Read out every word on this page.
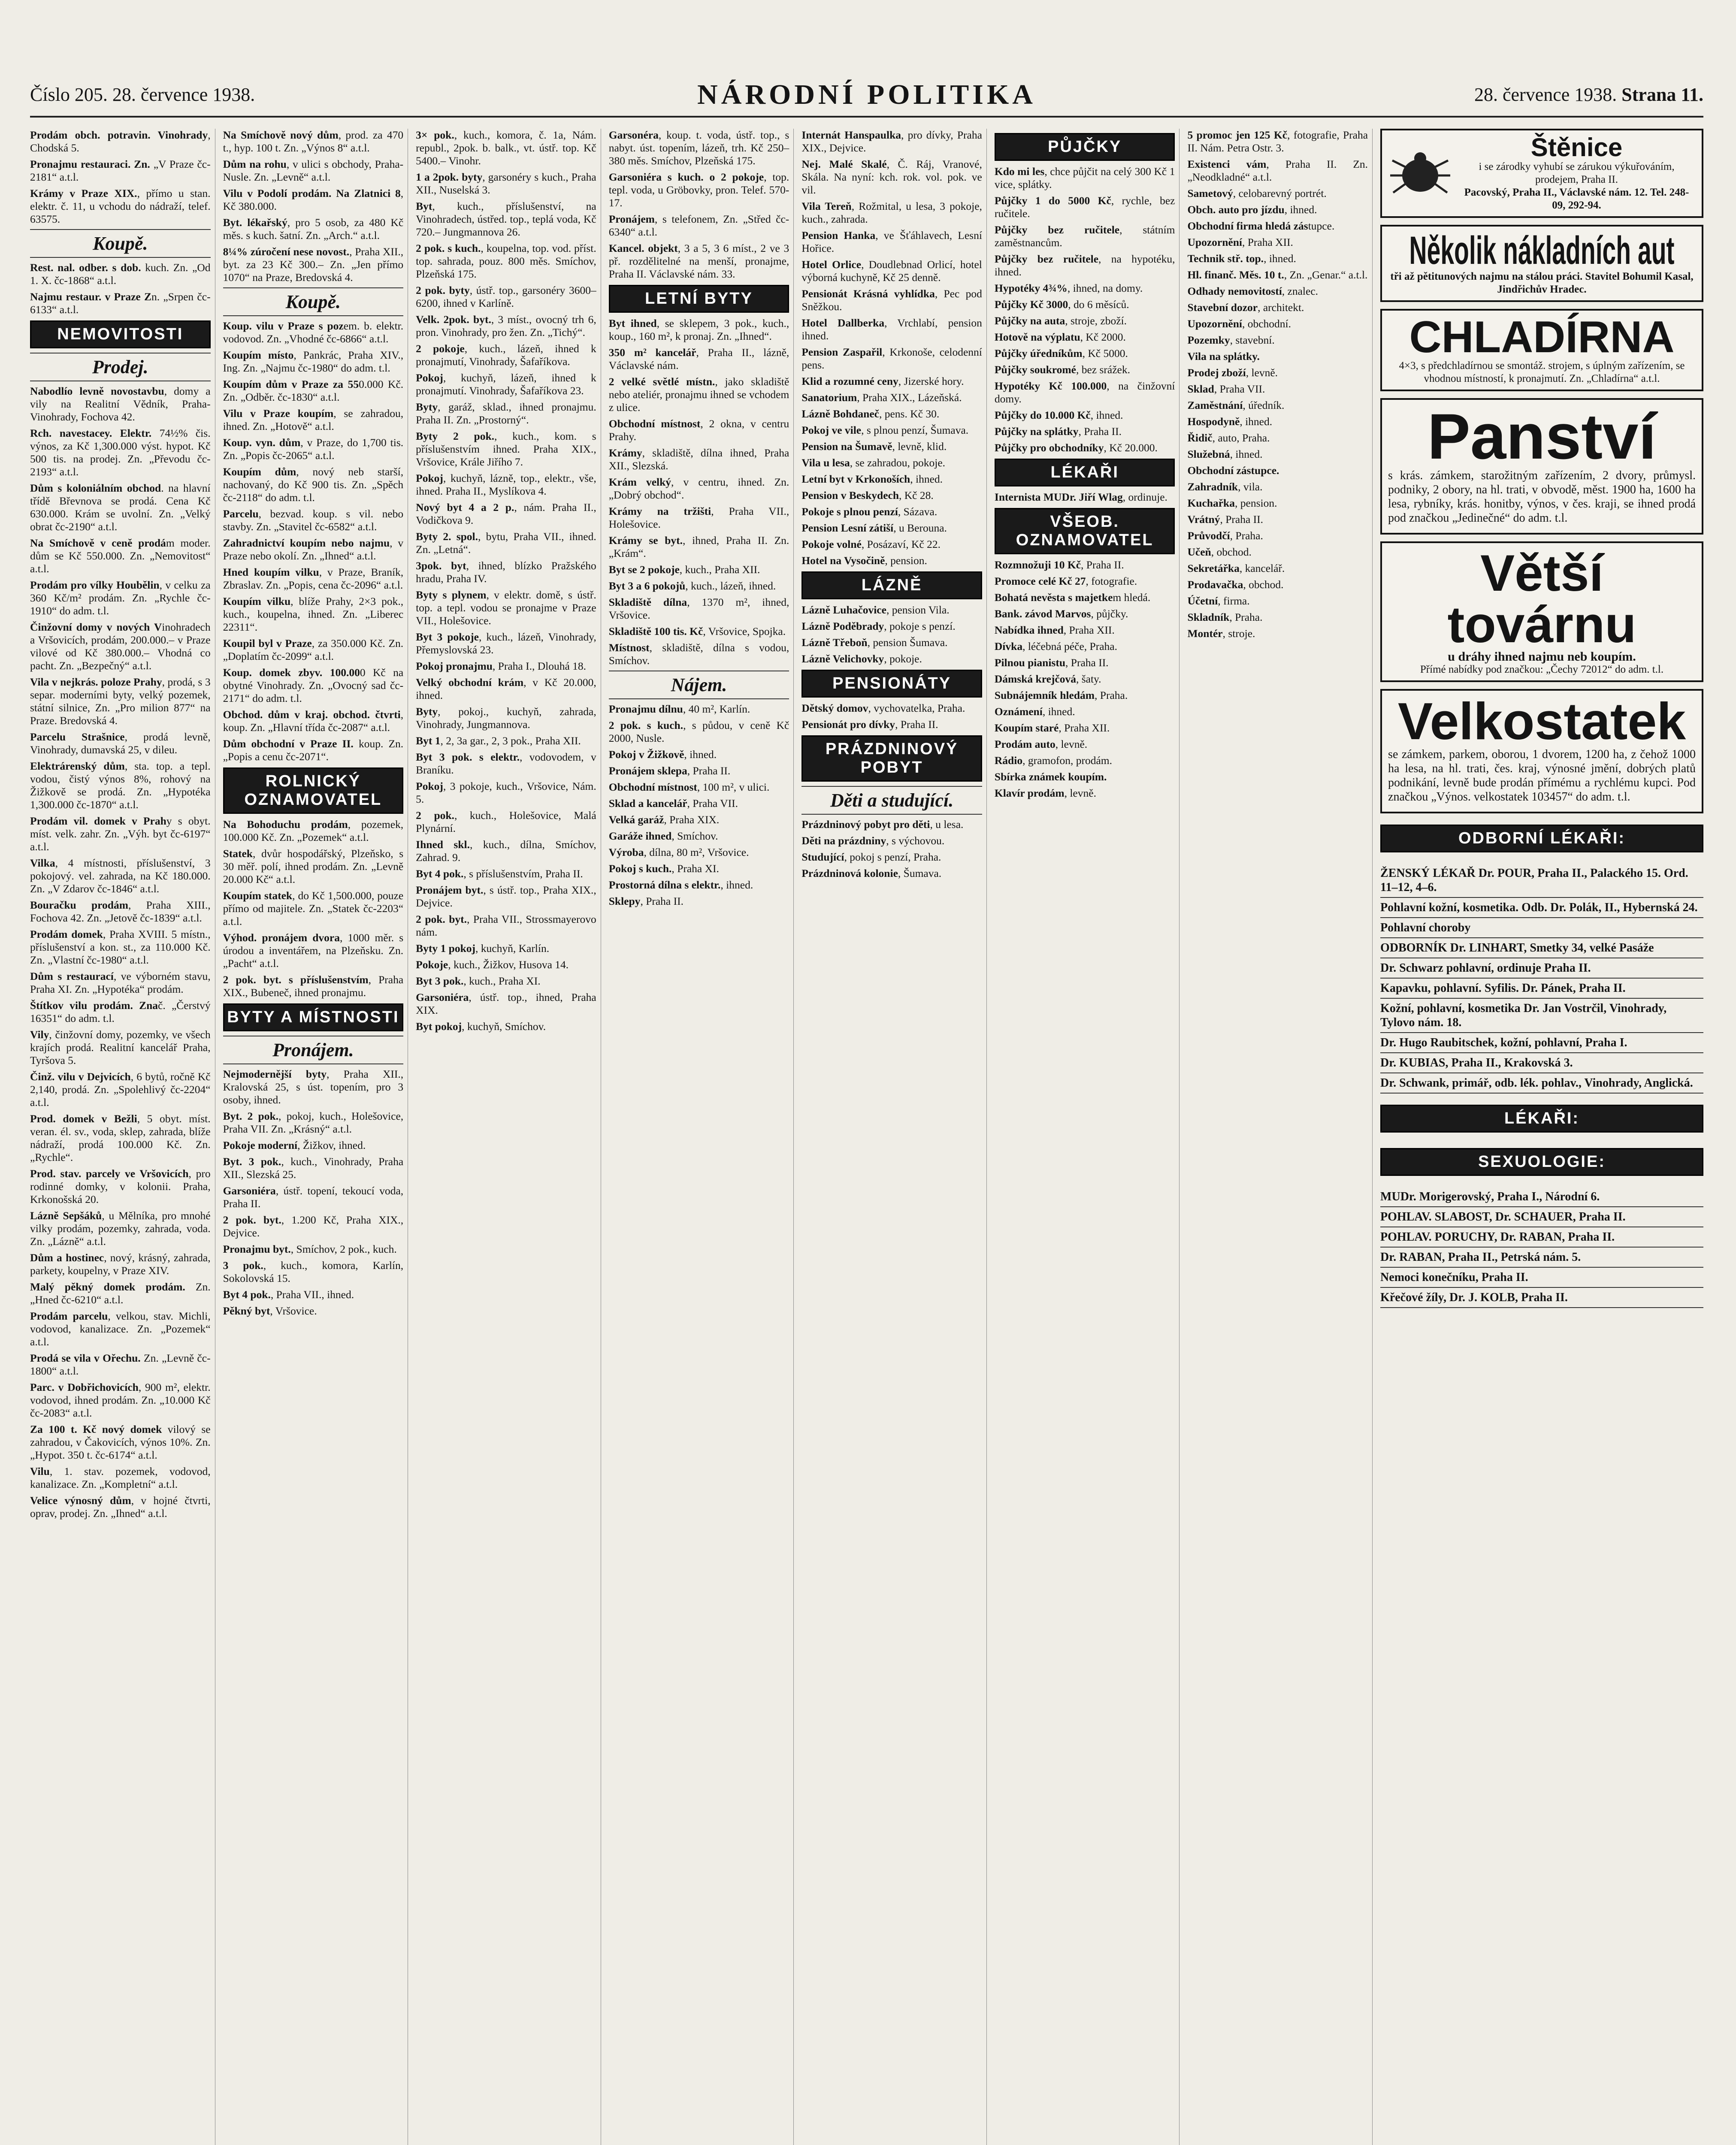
Číslo 205. 28. července 1938.	NÁRODNÍ POLITIKA	28. července 1938. Strana 11.

Prodám obch. potravin. Vinohrady, Chodská 5.

Pronajmu restauraci. Zn. „V Praze čc-2181“ a.t.l.

Krámy v Praze XIX., přímo u stan. elektr. č. 11, u vchodu do nádraží, telef. 63575.

Koupě.

Rest. nal. odber. s dob. kuch. Zn. „Od 1. X. čc-1868“ a.t.l.

Najmu restaur. v Praze Zn. „Srpen čc-6133“ a.t.l.

NEMOVITOSTI
Prodej.

Nabodlío levně novostavbu, domy a vily na Realitní Vědník, Praha-Vinohrady, Fochova 42.

Rch. navestacey. Elektr. 74½% čis. výnos, za Kč 1,300.000 výst. hypot. Kč 500 tis. na prodej. Zn. „Převodu čc-2193“ a.t.l.

Dům s koloniálním obchod. na hlavní třídě Břevnova se prodá. Cena Kč 630.000. Krám se uvolní. Zn. „Velký obrat čc-2190“ a.t.l.

Na Smíchově v ceně prodám moder. dům se Kč 550.000. Zn. „Nemovitost“ a.t.l.

Prodám pro vílky Houbělin, v celku za 360 Kč/m² prodám. Zn. „Rychle čc-1910“ do adm. t.l.

Činžovní domy v nových Vinohradech a Vršovicích, prodám, 200.000.– v Praze vilové od Kč 380.000.– Vhodná co pacht. Zn. „Bezpečný“ a.t.l.

Vila v nejkrás. poloze Prahy, prodá, s 3 separ. moderními byty, velký pozemek, státní silnice, Zn. „Pro milion 877“ na Praze. Bredovská 4.

Parcelu Strašnice, prodá levně, Vinohrady, dumavská 25, v dileu.

Elektrárenský dům, sta. top. a tepl. vodou, čistý výnos 8%, rohový na Žižkově se prodá. Zn. „Hypotéka 1,300.000 čc-1870“ a.t.l.

Prodám vil. domek v Prahy s obyt. míst. velk. zahr. Zn. „Výh. byt čc-6197“ a.t.l.

Vilka, 4 místnosti, příslušenství, 3 pokojový. vel. zahrada, na Kč 180.000. Zn. „V Zdarov čc-1846“ a.t.l.

Bouračku prodám, Praha XIII., Fochova 42. Zn. „Jetově čc-1839“ a.t.l.

Prodám domek, Praha XVIII. 5 místn., příslušenství a kon. st., za 110.000 Kč. Zn. „Vlastní čc-1980“ a.t.l.

Dům s restaurací, ve výborném stavu, Praha XI. Zn. „Hypotéka“ prodám.

Štítkov vilu prodám. Znač. „Čerstvý 16351“ do adm. t.l.

Vily, činžovní domy, pozemky, ve všech krajích prodá. Realitní kancelář Praha, Tyršova 5.

Činž. vilu v Dejvicích, 6 bytů, ročně Kč 2,140, prodá. Zn. „Spolehlivý čc-2204“ a.t.l.

Prod. domek v Bežli, 5 obyt. míst. veran. él. sv., voda, sklep, zahrada, blíže nádraží, prodá 100.000 Kč. Zn. „Rychle“.

Prod. stav. parcely ve Vršovicích, pro rodinné domky, v kolonii. Praha, Krkonošská 20.

Lázně Sepšáků, u Mělníka, pro mnohé vilky prodám, pozemky, zahrada, voda. Zn. „Lázně“ a.t.l.

Dům a hostinec, nový, krásný, zahrada, parkety, koupelny, v Praze XIV.

Malý pěkný domek prodám. Zn. „Hned čc-6210“ a.t.l.

Prodám parcelu, velkou, stav. Michli, vodovod, kanalizace. Zn. „Pozemek“ a.t.l.

Prodá se vila v Ořechu. Zn. „Levně čc-1800“ a.t.l.

Parc. v Dobřichovicích, 900 m², elektr. vodovod, ihned prodám. Zn. „10.000 Kč čc-2083“ a.t.l.

Za 100 t. Kč nový domek vilový se zahradou, v Čakovicích, výnos 10%. Zn. „Hypot. 350 t. čc-6174“ a.t.l.

Vilu, 1. stav. pozemek, vodovod, kanalizace. Zn. „Kompletní“ a.t.l.

Velice výnosný dům, v hojné čtvrti, oprav, prodej. Zn. „Ihned“ a.t.l.

Na Smíchově nový dům, prod. za 470 t., hyp. 100 t. Zn. „Výnos 8“ a.t.l.

Dům na rohu, v ulici s obchody, Praha-Nusle. Zn. „Levně“ a.t.l.

Vilu v Podolí prodám. Na Zlatnici 8, Kč 380.000.

Byt. lékařský, pro 5 osob, za 480 Kč měs. s kuch. šatní. Zn. „Arch.“ a.t.l.

8¼% zúročení nese novost., Praha XII., byt. za 23 Kč 300.– Zn. „Jen přímo 1070“ na Praze, Bredovská 4.

Koupě.

Koup. vilu v Praze s pozem. b. elektr. vodovod. Zn. „Vhodné čc-6866“ a.t.l.

Koupím místo, Pankrác, Praha XIV., Ing. Zn. „Najmu čc-1980“ do adm. t.l.

Koupím dům v Praze za 550.000 Kč. Zn. „Odběr. čc-1830“ a.t.l.

Vilu v Praze koupím, se zahradou, ihned. Zn. „Hotově“ a.t.l.

Koup. vyn. dům, v Praze, do 1,700 tis. Zn. „Popis čc-2065“ a.t.l.

Koupím dům, nový neb starší, nachovaný, do Kč 900 tis. Zn. „Spěch čc-2118“ do adm. t.l.

Parcelu, bezvad. koup. s vil. nebo stavby. Zn. „Stavitel čc-6582“ a.t.l.

Zahradnictví koupím nebo najmu, v Praze nebo okolí. Zn. „Ihned“ a.t.l.

Hned koupím vilku, v Praze, Braník, Zbraslav. Zn. „Popis, cena čc-2096“ a.t.l.

Koupím vilku, blíže Prahy, 2×3 pok., kuch., koupelna, ihned. Zn. „Liberec 22311“.

Koupil byl v Praze, za 350.000 Kč. Zn. „Doplatím čc-2099“ a.t.l.

Koup. domek zbyv. 100.000 Kč na obytné Vinohrady. Zn. „Ovocný sad čc-2171“ do adm. t.l.

Obchod. dům v kraj. obchod. čtvrti, koup. Zn. „Hlavní třída čc-2087“ a.t.l.

Dům obchodní v Praze II. koup. Zn. „Popis a cenu čc-2071“.

ROLNICKÝ OZNAMOVATEL

Na Bohoduchu prodám, pozemek, 100.000 Kč. Zn. „Pozemek“ a.t.l.

Statek, dvůr hospodářský, Plzeňsko, s 30 měř. polí, ihned prodám. Zn. „Levně 20.000 Kč“ a.t.l.

Koupím statek, do Kč 1,500.000, pouze přímo od majitele. Zn. „Statek čc-2203“ a.t.l.

Výhod. pronájem dvora, 1000 měr. s úrodou a inventářem, na Plzeňsku. Zn. „Pacht“ a.t.l.

2 pok. byt. s příslušenstvím, Praha XIX., Bubeneč, ihned pronajmu.

BYTY A MÍSTNOSTI
Pronájem.

Nejmodernější byty, Praha XII., Kralovská 25, s úst. topením, pro 3 osoby, ihned.

Byt. 2 pok., pokoj, kuch., Holešovice, Praha VII. Zn. „Krásný“ a.t.l.

Pokoje moderní, Žižkov, ihned.

Byt. 3 pok., kuch., Vinohrady, Praha XII., Slezská 25.

Garsoniéra, ústř. topení, tekoucí voda, Praha II.

2 pok. byt., 1.200 Kč, Praha XIX., Dejvice.

Pronajmu byt., Smíchov, 2 pok., kuch.

3 pok., kuch., komora, Karlín, Sokolovská 15.

Byt 4 pok., Praha VII., ihned.

Pěkný byt, Vršovice.

3× pok., kuch., komora, č. 1a, Nám. republ., 2pok. b. balk., vt. ústř. top. Kč 5400.– Vinohr.

1 a 2pok. byty, garsonéry s kuch., Praha XII., Nuselská 3.

Byt, kuch., příslušenství, na Vinohradech, ústřed. top., teplá voda, Kč 720.– Jungmannova 26.

2 pok. s kuch., koupelna, top. vod. příst. top. sahrada, pouz. 800 měs. Smíchov, Plzeňská 175.

2 pok. byty, ústř. top., garsonéry 3600–6200, ihned v Karlíně.

Velk. 2pok. byt., 3 míst., ovocný trh 6, pron. Vinohrady, pro žen. Zn. „Tichý“.

2 pokoje, kuch., lázeň, ihned k pronajmutí, Vinohrady, Šafaříkova.

Pokoj, kuchyň, lázeň, ihned k pronajmutí. Vinohrady, Šafaříkova 23.

Byty, garáž, sklad., ihned pronajmu. Praha II. Zn. „Prostorný“.

Byty 2 pok., kuch., kom. s příslušenstvím ihned. Praha XIX., Vršovice, Krále Jiřího 7.

Pokoj, kuchyň, lázně, top., elektr., vše, ihned. Praha II., Myslíkova 4.

Nový byt 4 a 2 p., nám. Praha II., Vodičkova 9.

Byty 2. spol., bytu, Praha VII., ihned. Zn. „Letná“.

3pok. byt, ihned, blízko Pražského hradu, Praha IV.

Byty s plynem, v elektr. domě, s ústř. top. a tepl. vodou se pronajme v Praze VII., Holešovice.

Byt 3 pokoje, kuch., lázeň, Vinohrady, Přemyslovská 23.

Pokoj pronajmu, Praha I., Dlouhá 18.

Velký obchodní krám, v Kč 20.000, ihned.

Byty, pokoj., kuchyň, zahrada, Vinohrady, Jungmannova.

Byt 1, 2, 3a gar., 2, 3 pok., Praha XII.

Byt 3 pok. s elektr., vodovodem, v Braníku.

Pokoj, 3 pokoje, kuch., Vršovice, Nám. 5.

2 pok., kuch., Holešovice, Malá Plynární.

Ihned skl., kuch., dílna, Smíchov, Zahrad. 9.

Byt 4 pok., s příslušenstvím, Praha II.

Pronájem byt., s ústř. top., Praha XIX., Dejvice.

2 pok. byt., Praha VII., Strossmayerovo nám.

Byty 1 pokoj, kuchyň, Karlín.

Pokoje, kuch., Žižkov, Husova 14.

Byt 3 pok., kuch., Praha XI.

Garsoniéra, ústř. top., ihned, Praha XIX.

Byt pokoj, kuchyň, Smíchov.

Garsonéra, koup. t. voda, ústř. top., s nabyt. úst. topením, lázeň, trh. Kč 250–380 měs. Smíchov, Plzeňská 175.

Garsoniéra s kuch. o 2 pokoje, top. tepl. voda, u Gröbovky, pron. Telef. 570-17.

Pronájem, s telefonem, Zn. „Střed čc-6340“ a.t.l.

Kancel. objekt, 3 a 5, 3 6 míst., 2 ve 3 př. rozdělitelné na menší, pronajme, Praha II. Václavské nám. 33.

LETNÍ BYTY

Byt ihned, se sklepem, 3 pok., kuch., koup., 160 m², k pronaj. Zn. „Ihned“.

350 m² kancelář, Praha II., lázně, Václavské nám.

2 velké světlé místn., jako skladiště nebo ateliér, pronajmu ihned se vchodem z ulice.

Obchodní místnost, 2 okna, v centru Prahy.

Krámy, skladiště, dílna ihned, Praha XII., Slezská.

Krám velký, v centru, ihned. Zn. „Dobrý obchod“.

Krámy na tržišti, Praha VII., Holešovice.

Krámy se byt., ihned, Praha II. Zn. „Krám“.

Byt se 2 pokoje, kuch., Praha XII.

Byt 3 a 6 pokojů, kuch., lázeň, ihned.

Skladiště dílna, 1370 m², ihned, Vršovice.

Skladiště 100 tis. Kč, Vršovice, Spojka.

Místnost, skladiště, dílna s vodou, Smíchov.

Nájem.

Pronajmu dílnu, 40 m², Karlín.

2 pok. s kuch., s půdou, v ceně Kč 2000, Nusle.

Pokoj v Žižkově, ihned.

Pronájem sklepa, Praha II.

Obchodní místnost, 100 m², v ulici.

Sklad a kancelář, Praha VII.

Velká garáž, Praha XIX.

Garáže ihned, Smíchov.

Výroba, dílna, 80 m², Vršovice.

Pokoj s kuch., Praha XI.

Prostorná dílna s elektr., ihned.

Sklepy, Praha II.

Internát Hanspaulka, pro dívky, Praha XIX., Dejvice.

Nej. Malé Skalé, Č. Ráj, Vranové, Skála. Na nyní: kch. rok. vol. pok. ve vil.

Vila Tereň, Rožmital, u lesa, 3 pokoje, kuch., zahrada.

Pension Hanka, ve Šťáhlavech, Lesní Hořice.

Hotel Orlice, Doudlebnad Orlicí, hotel výborná kuchyně, Kč 25 denně.

Pensionát Krásná vyhlídka, Pec pod Sněžkou.

Hotel Dallberka, Vrchlabí, pension ihned.

Pension Zaspařil, Krkonoše, celodenní pens.

Klid a rozumné ceny, Jizerské hory.

Sanatorium, Praha XIX., Lázeňská.

Lázně Bohdaneč, pens. Kč 30.

Pokoj ve vile, s plnou penzí, Šumava.

Pension na Šumavě, levně, klid.

Vila u lesa, se zahradou, pokoje.

Letní byt v Krkonoších, ihned.

Pension v Beskydech, Kč 28.

Pokoje s plnou penzí, Sázava.

Pension Lesní zátiší, u Berouna.

Pokoje volné, Posázaví, Kč 22.

Hotel na Vysočině, pension.

LÁZNĚ

Lázně Luhačovice, pension Vila.

Lázně Poděbrady, pokoje s penzí.

Lázně Třeboň, pension Šumava.

Lázně Velichovky, pokoje.

PENSIONÁTY

Dětský domov, vychovatelka, Praha.

Pensionát pro dívky, Praha II.

PRÁZDNINOVÝ POBYT
Děti a studující.

Prázdninový pobyt pro děti, u lesa.

Děti na prázdniny, s výchovou.

Studující, pokoj s penzí, Praha.

Prázdninová kolonie, Šumava.

PŮJČKY

Kdo mi les, chce půjčit na celý 300 Kč 1 vice, splátky.

Půjčky 1 do 5000 Kč, rychle, bez ručitele.

Půjčky bez ručitele, státním zaměstnancům.

Půjčky bez ručitele, na hypotéku, ihned.

Hypotéky 4¾%, ihned, na domy.

Půjčky Kč 3000, do 6 měsíců.

Půjčky na auta, stroje, zboží.

Hotově na výplatu, Kč 2000.

Půjčky úředníkům, Kč 5000.

Půjčky soukromé, bez srážek.

Hypotéky Kč 100.000, na činžovní domy.

Půjčky do 10.000 Kč, ihned.

Půjčky na splátky, Praha II.

Půjčky pro obchodníky, Kč 20.000.

LÉKAŘI

Internista MUDr. Jiří Wlag, ordinuje.

VŠEOB. OZNAMOVATEL

Rozmnožuji 10 Kč, Praha II.

Promoce celé Kč 27, fotografie.

Bohatá nevěsta s majetkem hledá.

Bank. závod Marvos, půjčky.

Nabídka ihned, Praha XII.

Dívka, léčebná péče, Praha.

Pilnou pianistu, Praha II.

Dámská krejčová, šaty.

Subnájemník hledám, Praha.

Oznámení, ihned.

Koupím staré, Praha XII.

Prodám auto, levně.

Rádio, gramofon, prodám.

Sbírka známek koupím.

Klavír prodám, levně.

5 promoc jen 125 Kč, fotografie, Praha II. Nám. Petra Ostr. 3.

Existenci vám, Praha II. Zn. „Neodkladné“ a.t.l.

Sametový, celobarevný portrét.

Obch. auto pro jízdu, ihned.

Obchodní firma hledá zástupce.

Upozornění, Praha XII.

Technik stř. top., ihned.

Hl. finanč. Měs. 10 t., Zn. „Genar.“ a.t.l.

Odhady nemovitostí, znalec.

Stavební dozor, architekt.

Upozornění, obchodní.

Pozemky, stavební.

Vila na splátky.

Prodej zboží, levně.

Sklad, Praha VII.

Zaměstnání, úředník.

Hospodyně, ihned.

Řidič, auto, Praha.

Služebná, ihned.

Obchodní zástupce.

Zahradník, vila.

Kuchařka, pension.

Vrátný, Praha II.

Průvodčí, Praha.

Učeň, obchod.

Sekretářka, kancelář.

Prodavačka, obchod.

Účetní, firma.

Skladník, Praha.

Montér, stroje.

Štěnice
i se zárodky vyhubí se zárukou výkuřováním, prodejem, Praha II.
Pacovský, Praha II., Václavské nám. 12. Tel. 248-09, 292-94.
Několik nákladních aut
tři až pětitunových najmu na stálou práci. Stavitel Bohumil Kasal, Jindřichův Hradec.
CHLADÍRNA
4×3, s předchladírnou se smontáž. strojem, s úplným zařízením, se vhodnou místností, k pronajmutí. Zn. „Chladírna“ a.t.l.
Panství
s krás. zámkem, starožitným zařízením, 2 dvory, průmysl. podniky, 2 obory, na hl. trati, v obvodě, měst. 1900 ha, 1600 ha lesa, rybníky, krás. honitby, výnos, v čes. kraji, se ihned prodá pod značkou „Jedinečné“ do adm. t.l.
Větší továrnu
u dráhy ihned najmu neb koupím.
Přímé nabídky pod značkou: „Čechy 72012“ do adm. t.l.
Velkostatek
se zámkem, parkem, oborou, 1 dvorem, 1200 ha, z čehož 1000 ha lesa, na hl. trati, čes. kraj, výnosné jmění, dobrých platů podnikání, levně bude prodán přímému a rychlému kupci. Pod značkou „Výnos. velkostatek 103457“ do adm. t.l.
ODBORNÍ LÉKAŘI:
ŽENSKÝ LÉKAŘ Dr. POUR, Praha II., Palackého 15. Ord. 11–12, 4–6.
Pohlavní kožní, kosmetika. Odb. Dr. Polák, II., Hybernská 24.
Pohlavní choroby
ODBORNÍK Dr. LINHART, Smetky 34, velké Pasáže
Dr. Schwarz pohlavní, ordinuje Praha II.
Kapavku, pohlavní. Syfilis. Dr. Pánek, Praha II.
Kožní, pohlavní, kosmetika Dr. Jan Vostrčil, Vinohrady, Tylovo nám. 18.
Dr. Hugo Raubitschek, kožní, pohlavní, Praha I.
Dr. KUBIAS, Praha II., Krakovská 3.
Dr. Schwank, primář, odb. lék. pohlav., Vinohrady, Anglická.
LÉKAŘI:
SEXUOLOGIE:
MUDr. Morigerovský, Praha I., Národní 6.
POHLAV. SLABOST, Dr. SCHAUER, Praha II.
POHLAV. PORUCHY, Dr. RABAN, Praha II.
Dr. RABAN, Praha II., Petrská nám. 5.
Nemoci konečníku, Praha II.
Křečové žíly, Dr. J. KOLB, Praha II.
